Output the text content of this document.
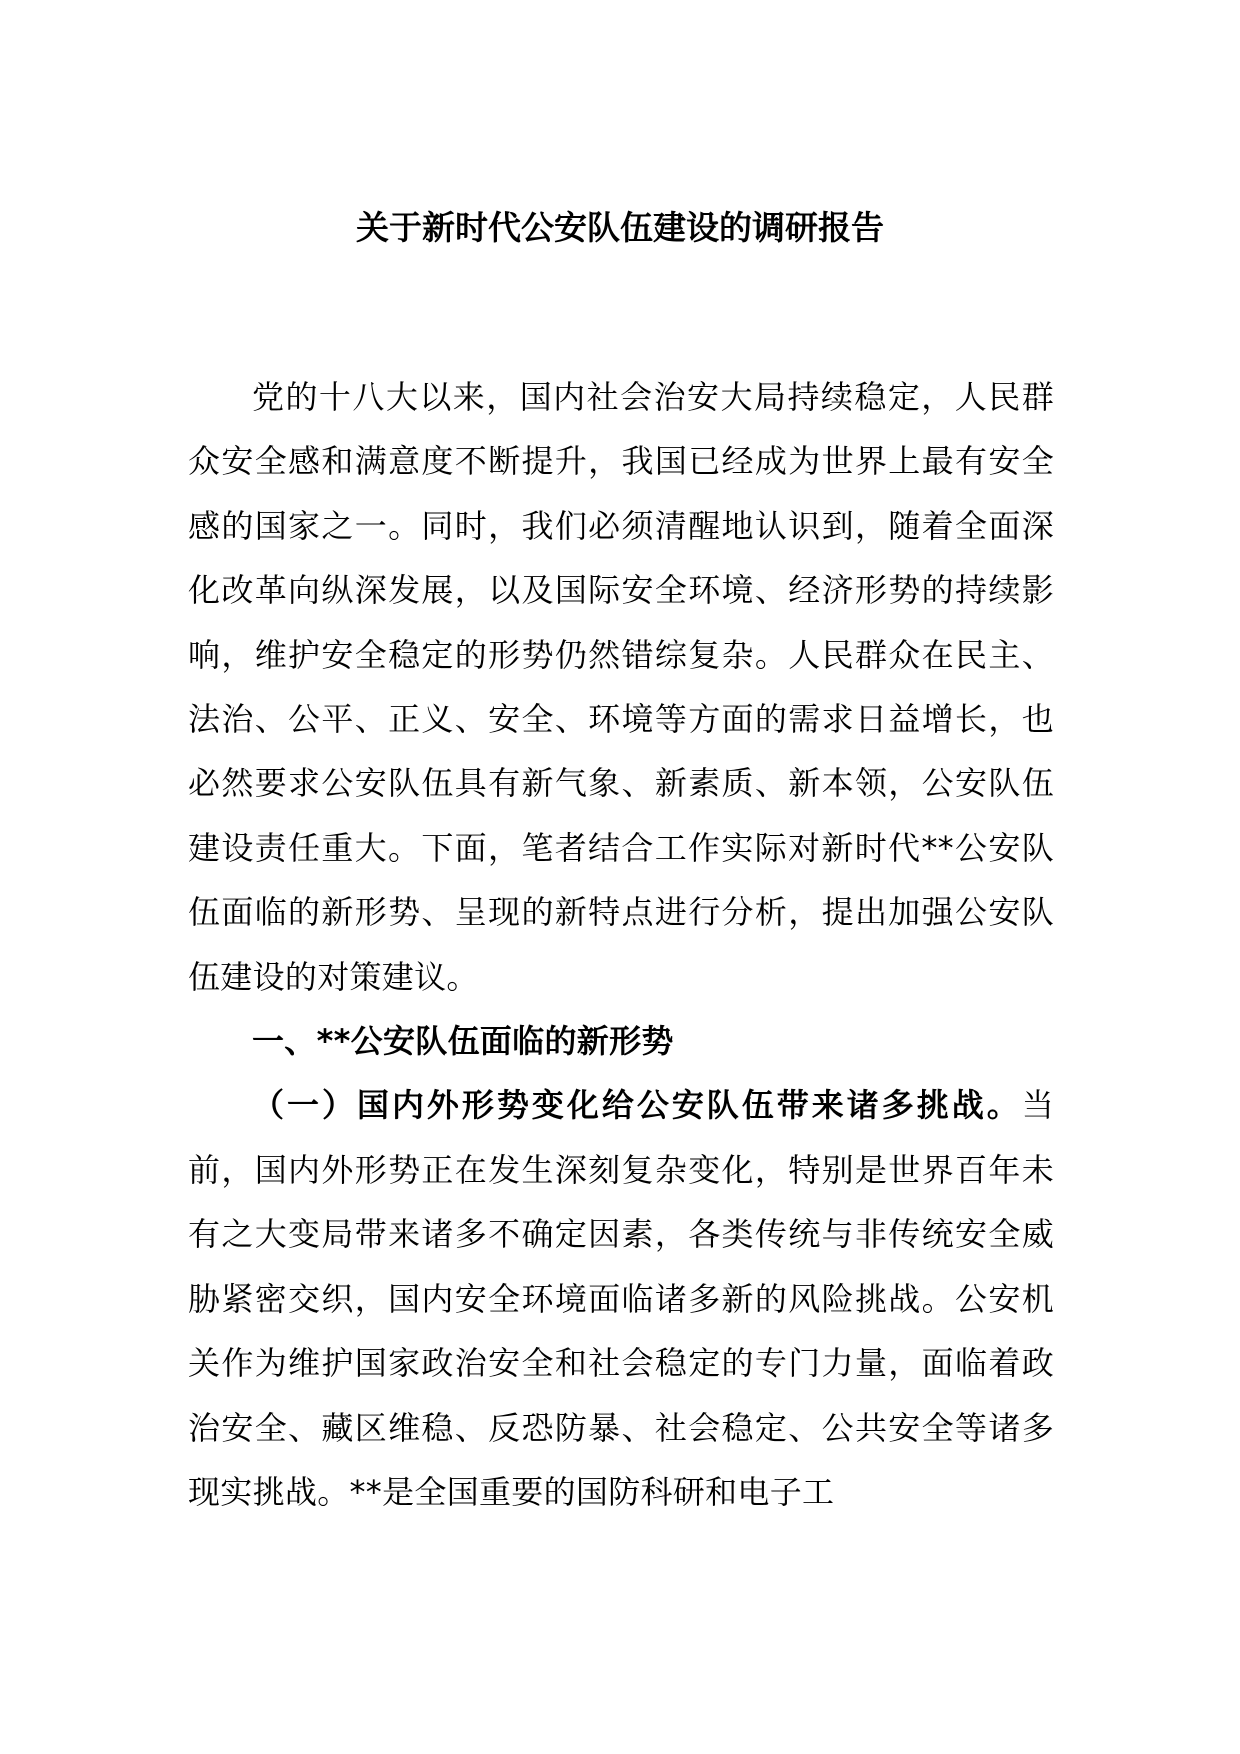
关于新时代公安队伍建设的调研报告

党的十八大以来，国内社会治安大局持续稳定，人民群众安全感和满意度不断提升，我国已经成为世界上最有安全感的国家之一。同时，我们必须清醒地认识到，随着全面深化改革向纵深发展，以及国际安全环境、经济形势的持续影响，维护安全稳定的形势仍然错综复杂。人民群众在民主、法治、公平、正义、安全、环境等方面的需求日益增长，也必然要求公安队伍具有新气象、新素质、新本领，公安队伍建设责任重大。下面，笔者结合工作实际对新时代**公安队伍面临的新形势、呈现的新特点进行分析，提出加强公安队伍建设的对策建议。

一、**公安队伍面临的新形势

（一）国内外形势变化给公安队伍带来诸多挑战。当前，国内外形势正在发生深刻复杂变化，特别是世界百年未有之大变局带来诸多不确定因素，各类传统与非传统安全威胁紧密交织，国内安全环境面临诸多新的风险挑战。公安机关作为维护国家政治安全和社会稳定的专门力量，面临着政治安全、藏区维稳、反恐防暴、社会稳定、公共安全等诸多现实挑战。**是全国重要的国防科研和电子工
